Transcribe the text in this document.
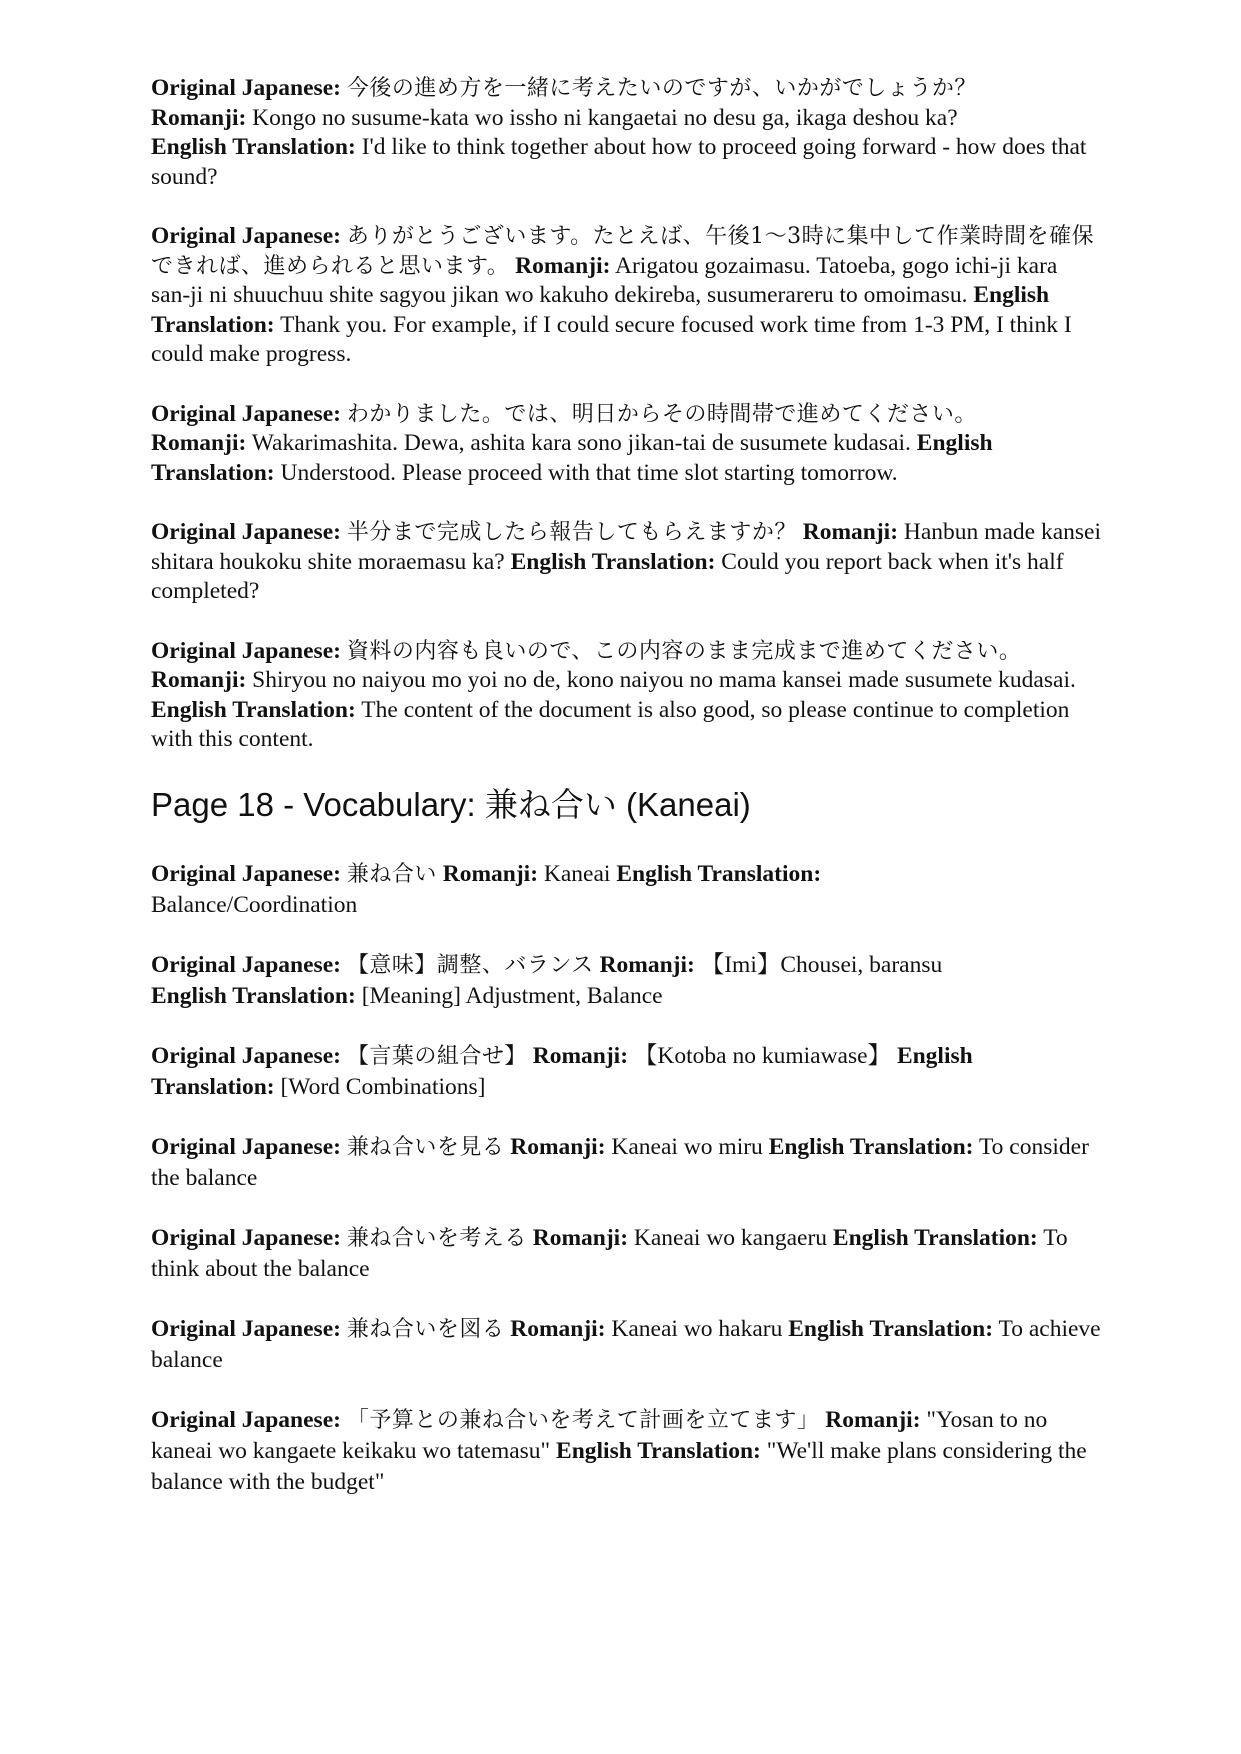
Original Japanese: 今後の進め方を一緒に考えたいのですが、いかがでしょうか？
Romanji: Kongo no susume-kata wo issho ni kangaetai no desu ga, ikaga deshou ka?
English Translation: I'd like to think together about how to proceed going forward - how does that sound?

Original Japanese: ありがとうございます。たとえば、午後1〜3時に集中して作業時間を確保できれば、進められると思います。 Romanji: Arigatou gozaimasu. Tatoeba, gogo ichi-ji kara san-ji ni shuuchuu shite sagyou jikan wo kakuho dekireba, susumerareru to omoimasu. English Translation: Thank you. For example, if I could secure focused work time from 1-3 PM, I think I could make progress.

Original Japanese: わかりました。では、明日からその時間帯で進めてください。
Romanji: Wakarimashita. Dewa, ashita kara sono jikan-tai de susumete kudasai. English Translation: Understood. Please proceed with that time slot starting tomorrow.

Original Japanese: 半分まで完成したら報告してもらえますか？ Romanji: Hanbun made kansei shitara houkoku shite moraemasu ka? English Translation: Could you report back when it's half completed?

Original Japanese: 資料の内容も良いので、この内容のまま完成まで進めてください。 Romanji: Shiryou no naiyou mo yoi no de, kono naiyou no mama kansei made susumete kudasai. English Translation: The content of the document is also good, so please continue to completion with this content.

Page 18 - Vocabulary: 兼ね合い (Kaneai)

Original Japanese: 兼ね合い Romanji: Kaneai English Translation:
Balance/Coordination

Original Japanese: 【意味】調整、バランス Romanji: 【Imi】Chousei, baransu
English Translation: [Meaning] Adjustment, Balance

Original Japanese: 【言葉の組合せ】 Romanji: 【Kotoba no kumiawase】 English Translation: [Word Combinations]

Original Japanese: 兼ね合いを見る Romanji: Kaneai wo miru English Translation: To consider the balance

Original Japanese: 兼ね合いを考える Romanji: Kaneai wo kangaeru English Translation: To think about the balance

Original Japanese: 兼ね合いを図る Romanji: Kaneai wo hakaru English Translation: To achieve balance

Original Japanese: 「予算との兼ね合いを考えて計画を立てます」 Romanji: "Yosan to no kaneai wo kangaete keikaku wo tatemasu" English Translation: "We'll make plans considering the balance with the budget"
